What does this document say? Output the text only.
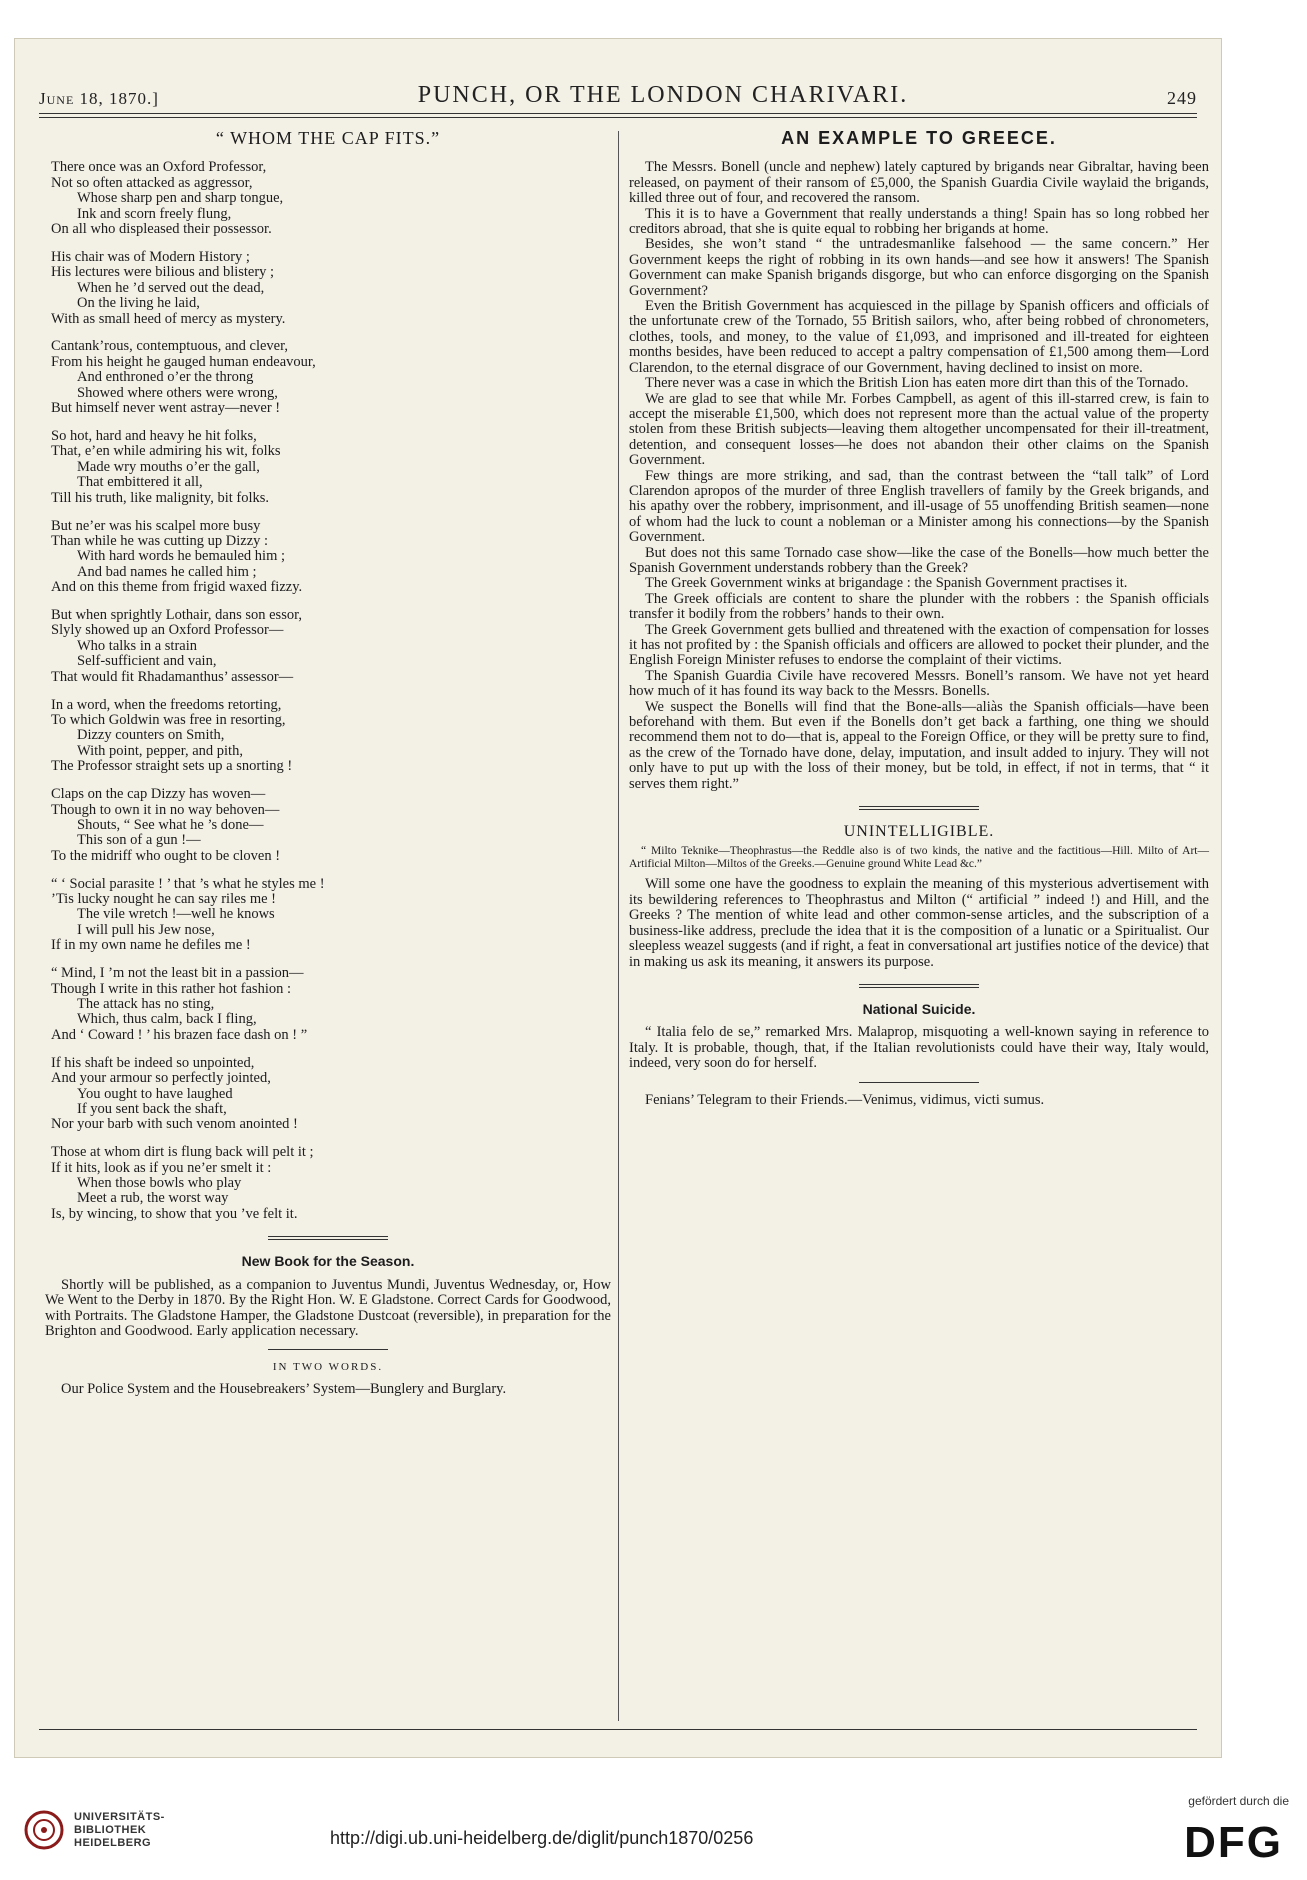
June 18, 1870.]	PUNCH, OR THE LONDON CHARIVARI.	249
“ WHOM THE CAP FITS.”
There once was an Oxford Professor,
Not so often attacked as aggressor,
Whose sharp pen and sharp tongue,
Ink and scorn freely flung,
On all who displeased their possessor.
His chair was of Modern History ;
His lectures were bilious and blistery ;
When he ’d served out the dead,
On the living he laid,
With as small heed of mercy as mystery.
Cantank’rous, contemptuous, and clever,
From his height he gauged human endeavour,
And enthroned o’er the throng
Showed where others were wrong,
But himself never went astray—never !
So hot, hard and heavy he hit folks,
That, e’en while admiring his wit, folks
Made wry mouths o’er the gall,
That embittered it all,
Till his truth, like malignity, bit folks.
But ne’er was his scalpel more busy
Than while he was cutting up Dizzy :
With hard words he bemauled him ;
And bad names he called him ;
And on this theme from frigid waxed fizzy.
But when sprightly Lothair, dans son essor,
Slyly showed up an Oxford Professor—
Who talks in a strain
Self-sufficient and vain,
That would fit Rhadamanthus’ assessor—
In a word, when the freedoms retorting,
To which Goldwin was free in resorting,
Dizzy counters on Smith,
With point, pepper, and pith,
The Professor straight sets up a snorting !
Claps on the cap Dizzy has woven—
Though to own it in no way behoven—
Shouts, “ See what he ’s done—
This son of a gun !—
To the midriff who ought to be cloven !
“ ‘ Social parasite ! ’ that ’s what he styles me !
’Tis lucky nought he can say riles me !
The vile wretch !—well he knows
I will pull his Jew nose,
If in my own name he defiles me !
“ Mind, I ’m not the least bit in a passion—
Though I write in this rather hot fashion :
The attack has no sting,
Which, thus calm, back I fling,
And ‘ Coward ! ’ his brazen face dash on ! ”
If his shaft be indeed so unpointed,
And your armour so perfectly jointed,
You ought to have laughed
If you sent back the shaft,
Nor your barb with such venom anointed !
Those at whom dirt is flung back will pelt it ;
If it hits, look as if you ne’er smelt it :
When those bowls who play
Meet a rub, the worst way
Is, by wincing, to show that you ’ve felt it.
New Book for the Season.

Shortly will be published, as a companion to Juventus Mundi, Juventus Wednesday, or, How We Went to the Derby in 1870. By the Right Hon. W. E Gladstone. Correct Cards for Goodwood, with Portraits. The Gladstone Hamper, the Gladstone Dustcoat (reversible), in preparation for the Brighton and Goodwood. Early application necessary.

IN TWO WORDS.

Our Police System and the Housebreakers’ System—Bunglery and Burglary.

AN EXAMPLE TO GREECE.

The Messrs. Bonell (uncle and nephew) lately captured by brigands near Gibraltar, having been released, on payment of their ransom of £5,000, the Spanish Guardia Civile waylaid the brigands, killed three out of four, and recovered the ransom.

This it is to have a Government that really understands a thing! Spain has so long robbed her creditors abroad, that she is quite equal to robbing her brigands at home.

Besides, she won’t stand “ the untradesmanlike falsehood — the same concern.” Her Government keeps the right of robbing in its own hands—and see how it answers! The Spanish Government can make Spanish brigands disgorge, but who can enforce disgorging on the Spanish Government?

Even the British Government has acquiesced in the pillage by Spanish officers and officials of the unfortunate crew of the Tornado, 55 British sailors, who, after being robbed of chronometers, clothes, tools, and money, to the value of £1,093, and imprisoned and ill-treated for eighteen months besides, have been reduced to accept a paltry compensation of £1,500 among them—Lord Clarendon, to the eternal disgrace of our Government, having declined to insist on more.

There never was a case in which the British Lion has eaten more dirt than this of the Tornado.

We are glad to see that while Mr. Forbes Campbell, as agent of this ill-starred crew, is fain to accept the miserable £1,500, which does not represent more than the actual value of the property stolen from these British subjects—leaving them altogether uncompensated for their ill-treatment, detention, and consequent losses—he does not abandon their other claims on the Spanish Government.

Few things are more striking, and sad, than the contrast between the “tall talk” of Lord Clarendon apropos of the murder of three English travellers of family by the Greek brigands, and his apathy over the robbery, imprisonment, and ill-usage of 55 unoffending British seamen—none of whom had the luck to count a nobleman or a Minister among his connections—by the Spanish Government.

But does not this same Tornado case show—like the case of the Bonells—how much better the Spanish Government understands robbery than the Greek?

The Greek Government winks at brigandage : the Spanish Government practises it.

The Greek officials are content to share the plunder with the robbers : the Spanish officials transfer it bodily from the robbers’ hands to their own.

The Greek Government gets bullied and threatened with the exaction of compensation for losses it has not profited by : the Spanish officials and officers are allowed to pocket their plunder, and the English Foreign Minister refuses to endorse the complaint of their victims.

The Spanish Guardia Civile have recovered Messrs. Bonell’s ransom. We have not yet heard how much of it has found its way back to the Messrs. Bonells.

We suspect the Bonells will find that the Bone-alls—aliàs the Spanish officials—have been beforehand with them. But even if the Bonells don’t get back a farthing, one thing we should recommend them not to do—that is, appeal to the Foreign Office, or they will be pretty sure to find, as the crew of the Tornado have done, delay, imputation, and insult added to injury. They will not only have to put up with the loss of their money, but be told, in effect, if not in terms, that “ it serves them right.”

UNINTELLIGIBLE.

“ Milto Teknike—Theophrastus—the Reddle also is of two kinds, the native and the factitious—Hill. Milto of Art—Artificial Milton—Miltos of the Greeks.—Genuine ground White Lead &c.”

Will some one have the goodness to explain the meaning of this mysterious advertisement with its bewildering references to Theophrastus and Milton (“ artificial ” indeed !) and Hill, and the Greeks ? The mention of white lead and other common-sense articles, and the subscription of a business-like address, preclude the idea that it is the composition of a lunatic or a Spiritualist. Our sleepless weazel suggests (and if right, a feat in conversational art justifies notice of the device) that in making us ask its meaning, it answers its purpose.

National Suicide.

“ Italia felo de se,” remarked Mrs. Malaprop, misquoting a well-known saying in reference to Italy. It is probable, though, that, if the Italian revolutionists could have their way, Italy would, indeed, very soon do for herself.

Fenians’ Telegram to their Friends.—Venimus, vidimus, victi sumus.

UNIVERSITÄTS-
BIBLIOTHEK
HEIDELBERG	http://digi.ub.uni-heidelberg.de/diglit/punch1870/0256
gefördert durch die
DFG
